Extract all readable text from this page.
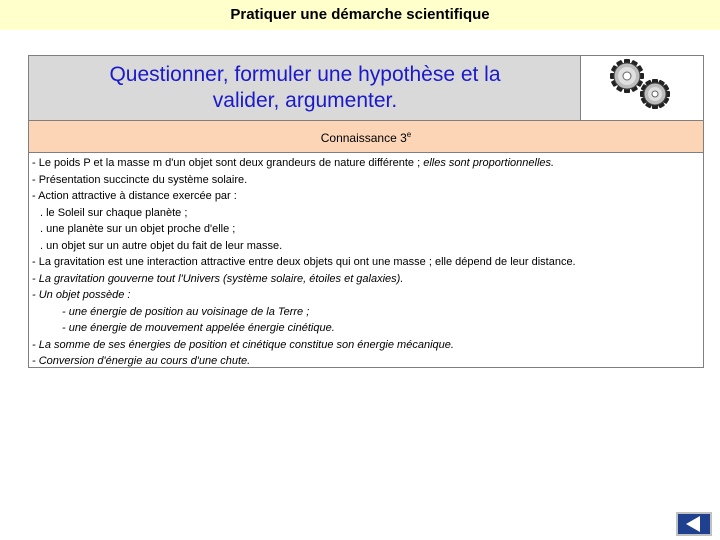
Pratiquer une démarche scientifique
Questionner, formuler une hypothèse et la
valider, argumenter.
Connaissance 3e
- Le poids P et la masse m d'un objet sont deux grandeurs de nature différente ; elles sont proportionnelles.
- Présentation succincte du système solaire.
- Action attractive à distance exercée par :
. le Soleil sur chaque planète ;
. une planète sur un objet proche d'elle ;
. un objet sur un autre objet du fait de leur masse.
- La gravitation est une interaction attractive entre deux objets qui ont une masse ; elle dépend de leur distance.
- La gravitation gouverne tout l'Univers (système solaire, étoiles et galaxies).
- Un objet possède :
- une énergie de position au voisinage de la Terre ;
- une énergie de mouvement appelée énergie cinétique.
- La somme de ses énergies de position et cinétique constitue son énergie mécanique.
- Conversion d'énergie au cours d'une chute.
